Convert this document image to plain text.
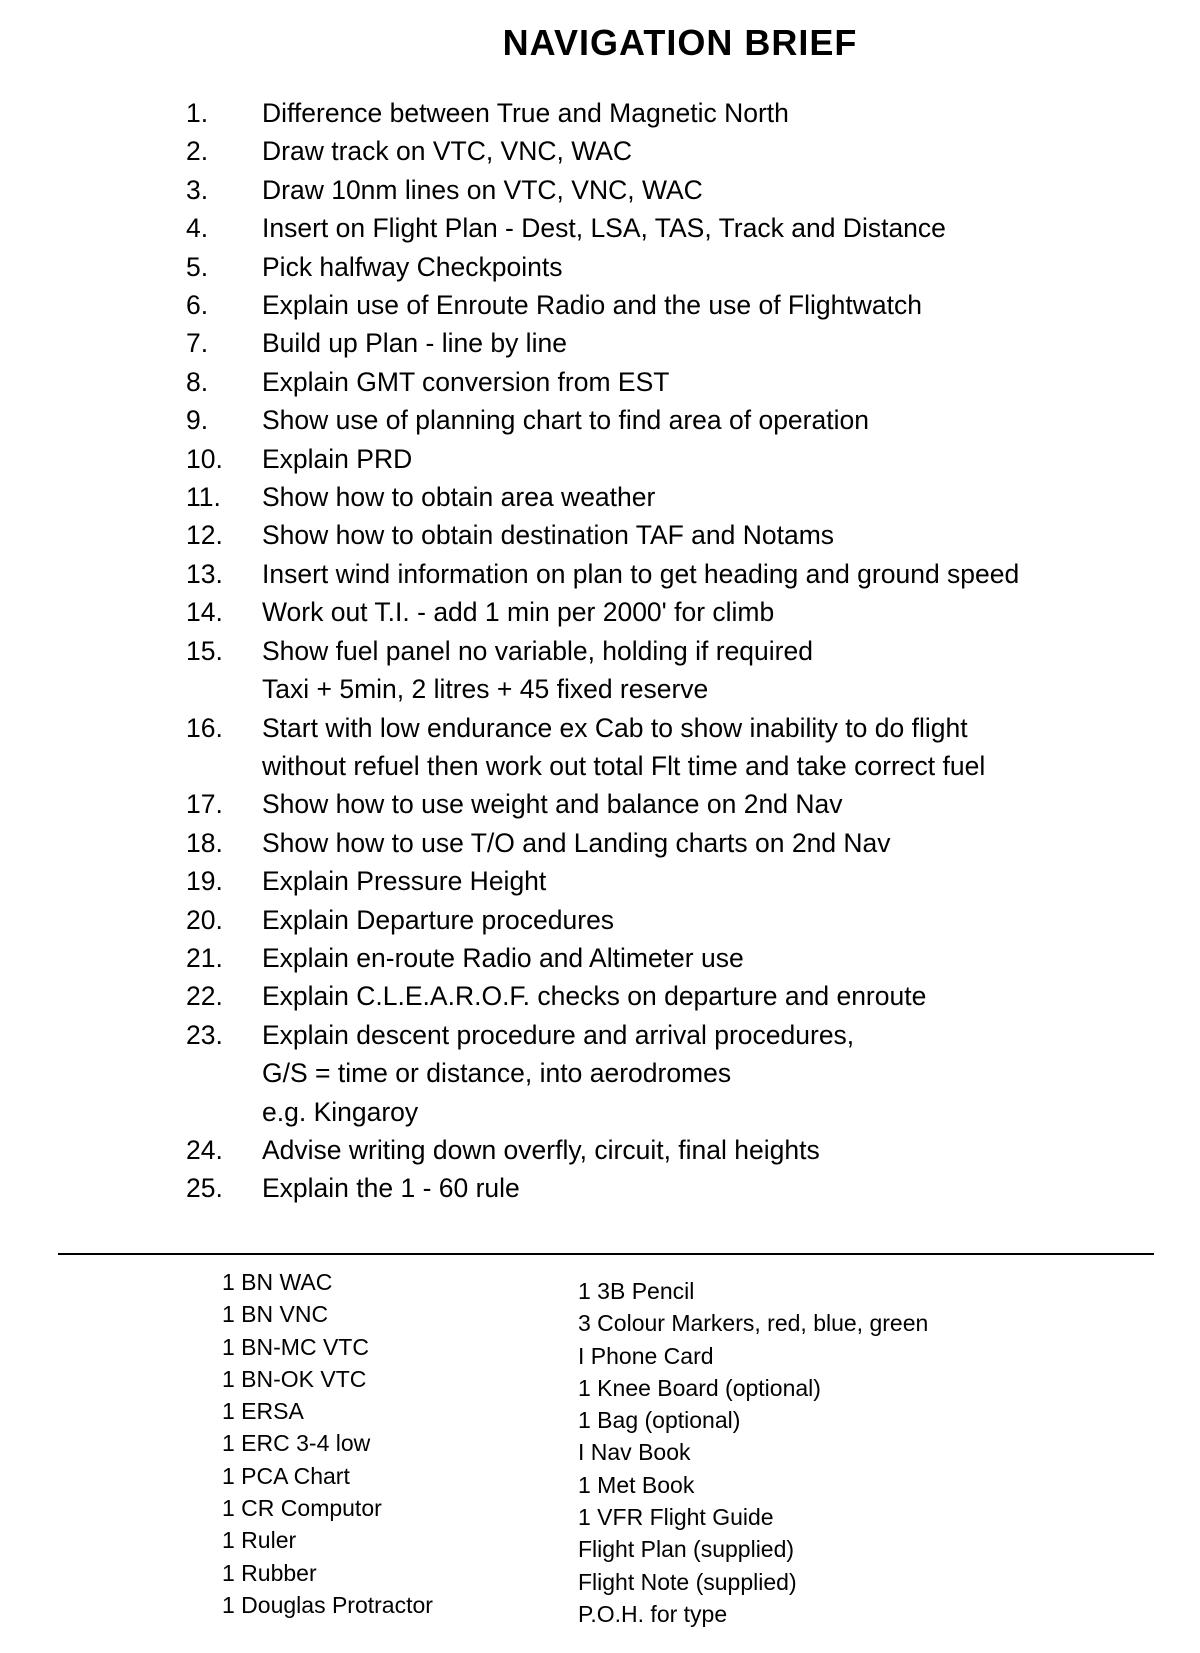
NAVIGATION BRIEF
1.	Difference between True and Magnetic North
2.	Draw track on VTC, VNC, WAC
3.	Draw 10nm lines on VTC, VNC, WAC
4.	Insert on Flight Plan - Dest, LSA, TAS, Track and Distance
5.	Pick halfway Checkpoints
6.	Explain use of Enroute Radio and the use of Flightwatch
7.	Build up Plan - line by line
8.	Explain GMT conversion from EST
9.	Show use of planning chart to find area of operation
10.	Explain PRD
11.	Show how to obtain area weather
12.	Show how to obtain destination TAF and Notams
13.	Insert wind information on plan to get heading and ground speed
14.	Work out T.I. - add 1 min per 2000' for climb
15.	Show fuel panel no variable, holding if required
Taxi + 5min, 2 litres + 45 fixed reserve
16.	Start with low endurance ex Cab to show inability to do flight
without refuel then work out total Flt time and take correct fuel
17.	Show how to use weight and balance on 2nd Nav
18.	Show how to use T/O and Landing charts on 2nd Nav
19.	Explain Pressure Height
20.	Explain Departure procedures
21.	Explain en-route Radio and Altimeter use
22.	Explain C.L.E.A.R.O.F. checks on departure and enroute
23.	Explain descent procedure and arrival procedures,
G/S = time or distance, into aerodromes
e.g. Kingaroy
24.	Advise writing down overfly, circuit, final heights
25.	Explain the 1 - 60 rule
1 BN WAC
1 BN VNC
1 BN-MC VTC
1 BN-OK VTC
1 ERSA
1 ERC 3-4 low
1 PCA Chart
1 CR Computor
1 Ruler
1 Rubber
1 Douglas Protractor
1 3B Pencil
3 Colour Markers, red, blue, green
I Phone Card
1 Knee Board (optional)
1 Bag (optional)
I Nav Book
1 Met Book
1 VFR Flight Guide
Flight Plan (supplied)
Flight Note (supplied)
P.O.H. for type
